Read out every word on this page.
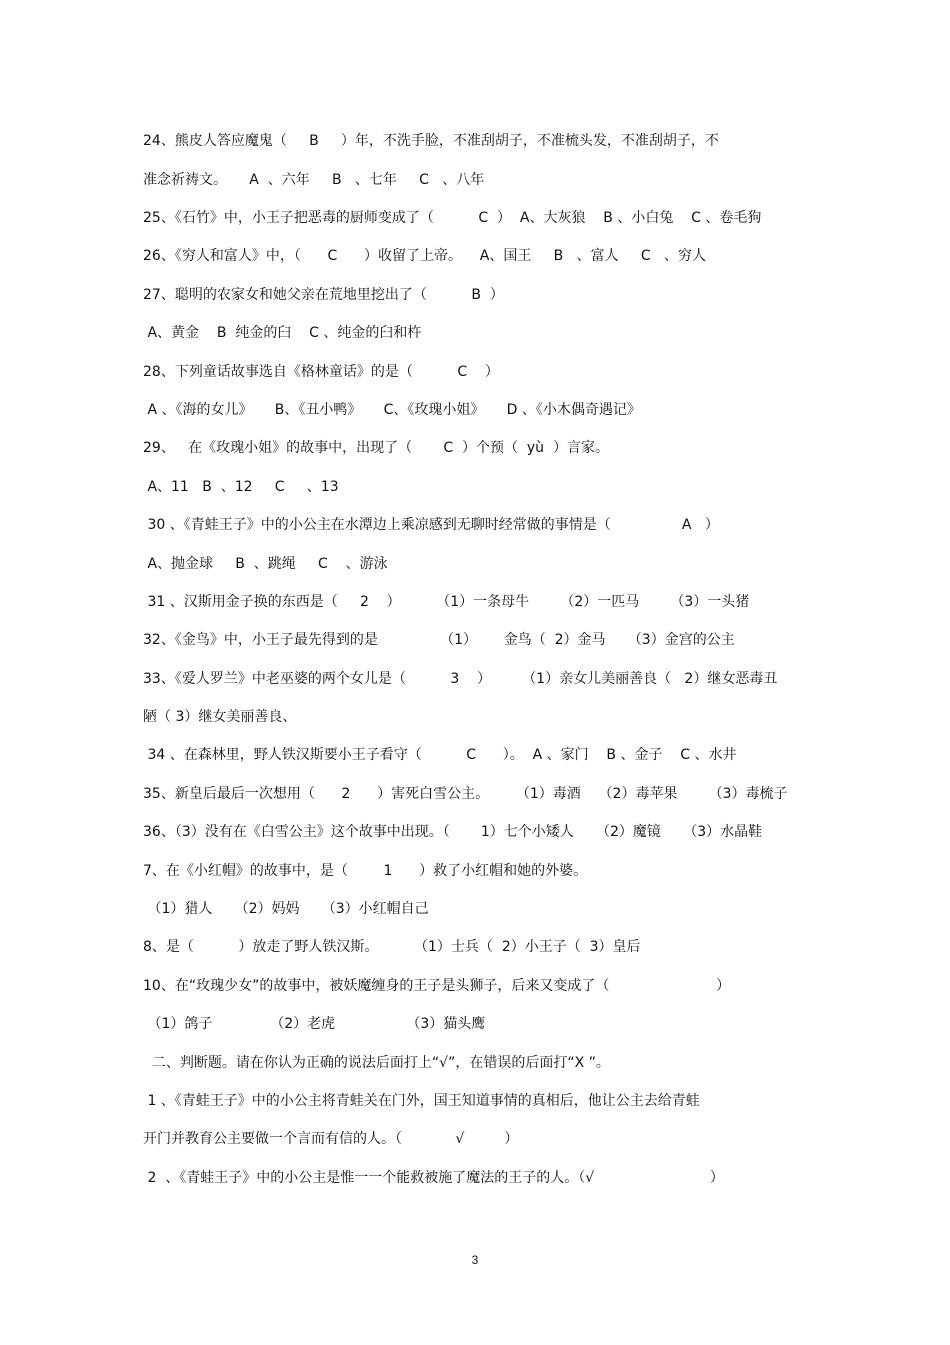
24、熊皮人答应魔鬼（     B     ）年，不洗手脸，不准刮胡子，不准梳头发，不准刮胡子，不
准念祈祷文。     A  、六年     B   、七年     C   、八年
25、《石竹》中，小王子把恶毒的厨师变成了（          C  ）  A、大灰狼    B 、小白兔    C 、卷毛狗
26、《穷人和富人》中，（      C      ）收留了上帝。    A、国王     B   、富人     C   、穷人
27、聪明的农家女和她父亲在荒地里挖出了（          B  ）
A、黄金    B  纯金的臼    C 、纯金的臼和杵
28、下列童话故事选自《格林童话》的是（          C    ）
A 、《海的女儿》     B、《丑小鸭》     C、《玫瑰小姐》     D 、《小木偶奇遇记》
29、   在《玫瑰小姐》的故事中，出现了（       C  ）个预（  yù  ）言家。
A、11   B  、12     C     、13
30 、《青蛙王子》中的小公主在水潭边上乘凉感到无聊时经常做的事情是（                A   ）
A、抛金球     B  、跳绳     C    、游泳
31 、汉斯用金子换的东西是（     2    ）        （1）一条母牛       （2）一匹马       （3）一头猪
32、《金鸟》中，小王子最先得到的是              （1）      金鸟（  2）金马     （3）金宫的公主
33、《爱人罗兰》中老巫婆的两个女儿是（          3    ）       （1）亲女儿美丽善良（   2）继女恶毒丑
陋（ 3）继女美丽善良、
34 、在森林里，野人铁汉斯要小王子看守（          C      ）。  A 、家门    B 、金子    C 、水井
35、新皇后最后一次想用（      2      ）害死白雪公主。      （1）毒酒    （2）毒苹果       （3）毒梳子
36、（3）没有在《白雪公主》这个故事中出现。（       1）七个小矮人     （2）魔镜     （3）水晶鞋
7、在《小红帽》的故事中，是（        1      ）救了小红帽和她的外婆。
（1）猎人     （2）妈妈     （3）小红帽自己
8、是（          ）放走了野人铁汉斯。        （1）士兵（  2）小王子（  3）皇后
10、在“玫瑰少女”的故事中，被妖魔缠身的王子是头狮子，后来又变成了（                        ）
（1）鸽子             （2）老虎                （3）猫头鹰
二、判断题。请在你认为正确的说法后面打上“√”，在错误的后面打“X ”。
1 、《青蛙王子》中的小公主将青蛙关在门外，国王知道事情的真相后，他让公主去给青蛙
开门并教育公主要做一个言而有信的人。（            √         ）
2  、《青蛙王子》中的小公主是惟一一个能救被施了魔法的王子的人。（√                          ）
3
